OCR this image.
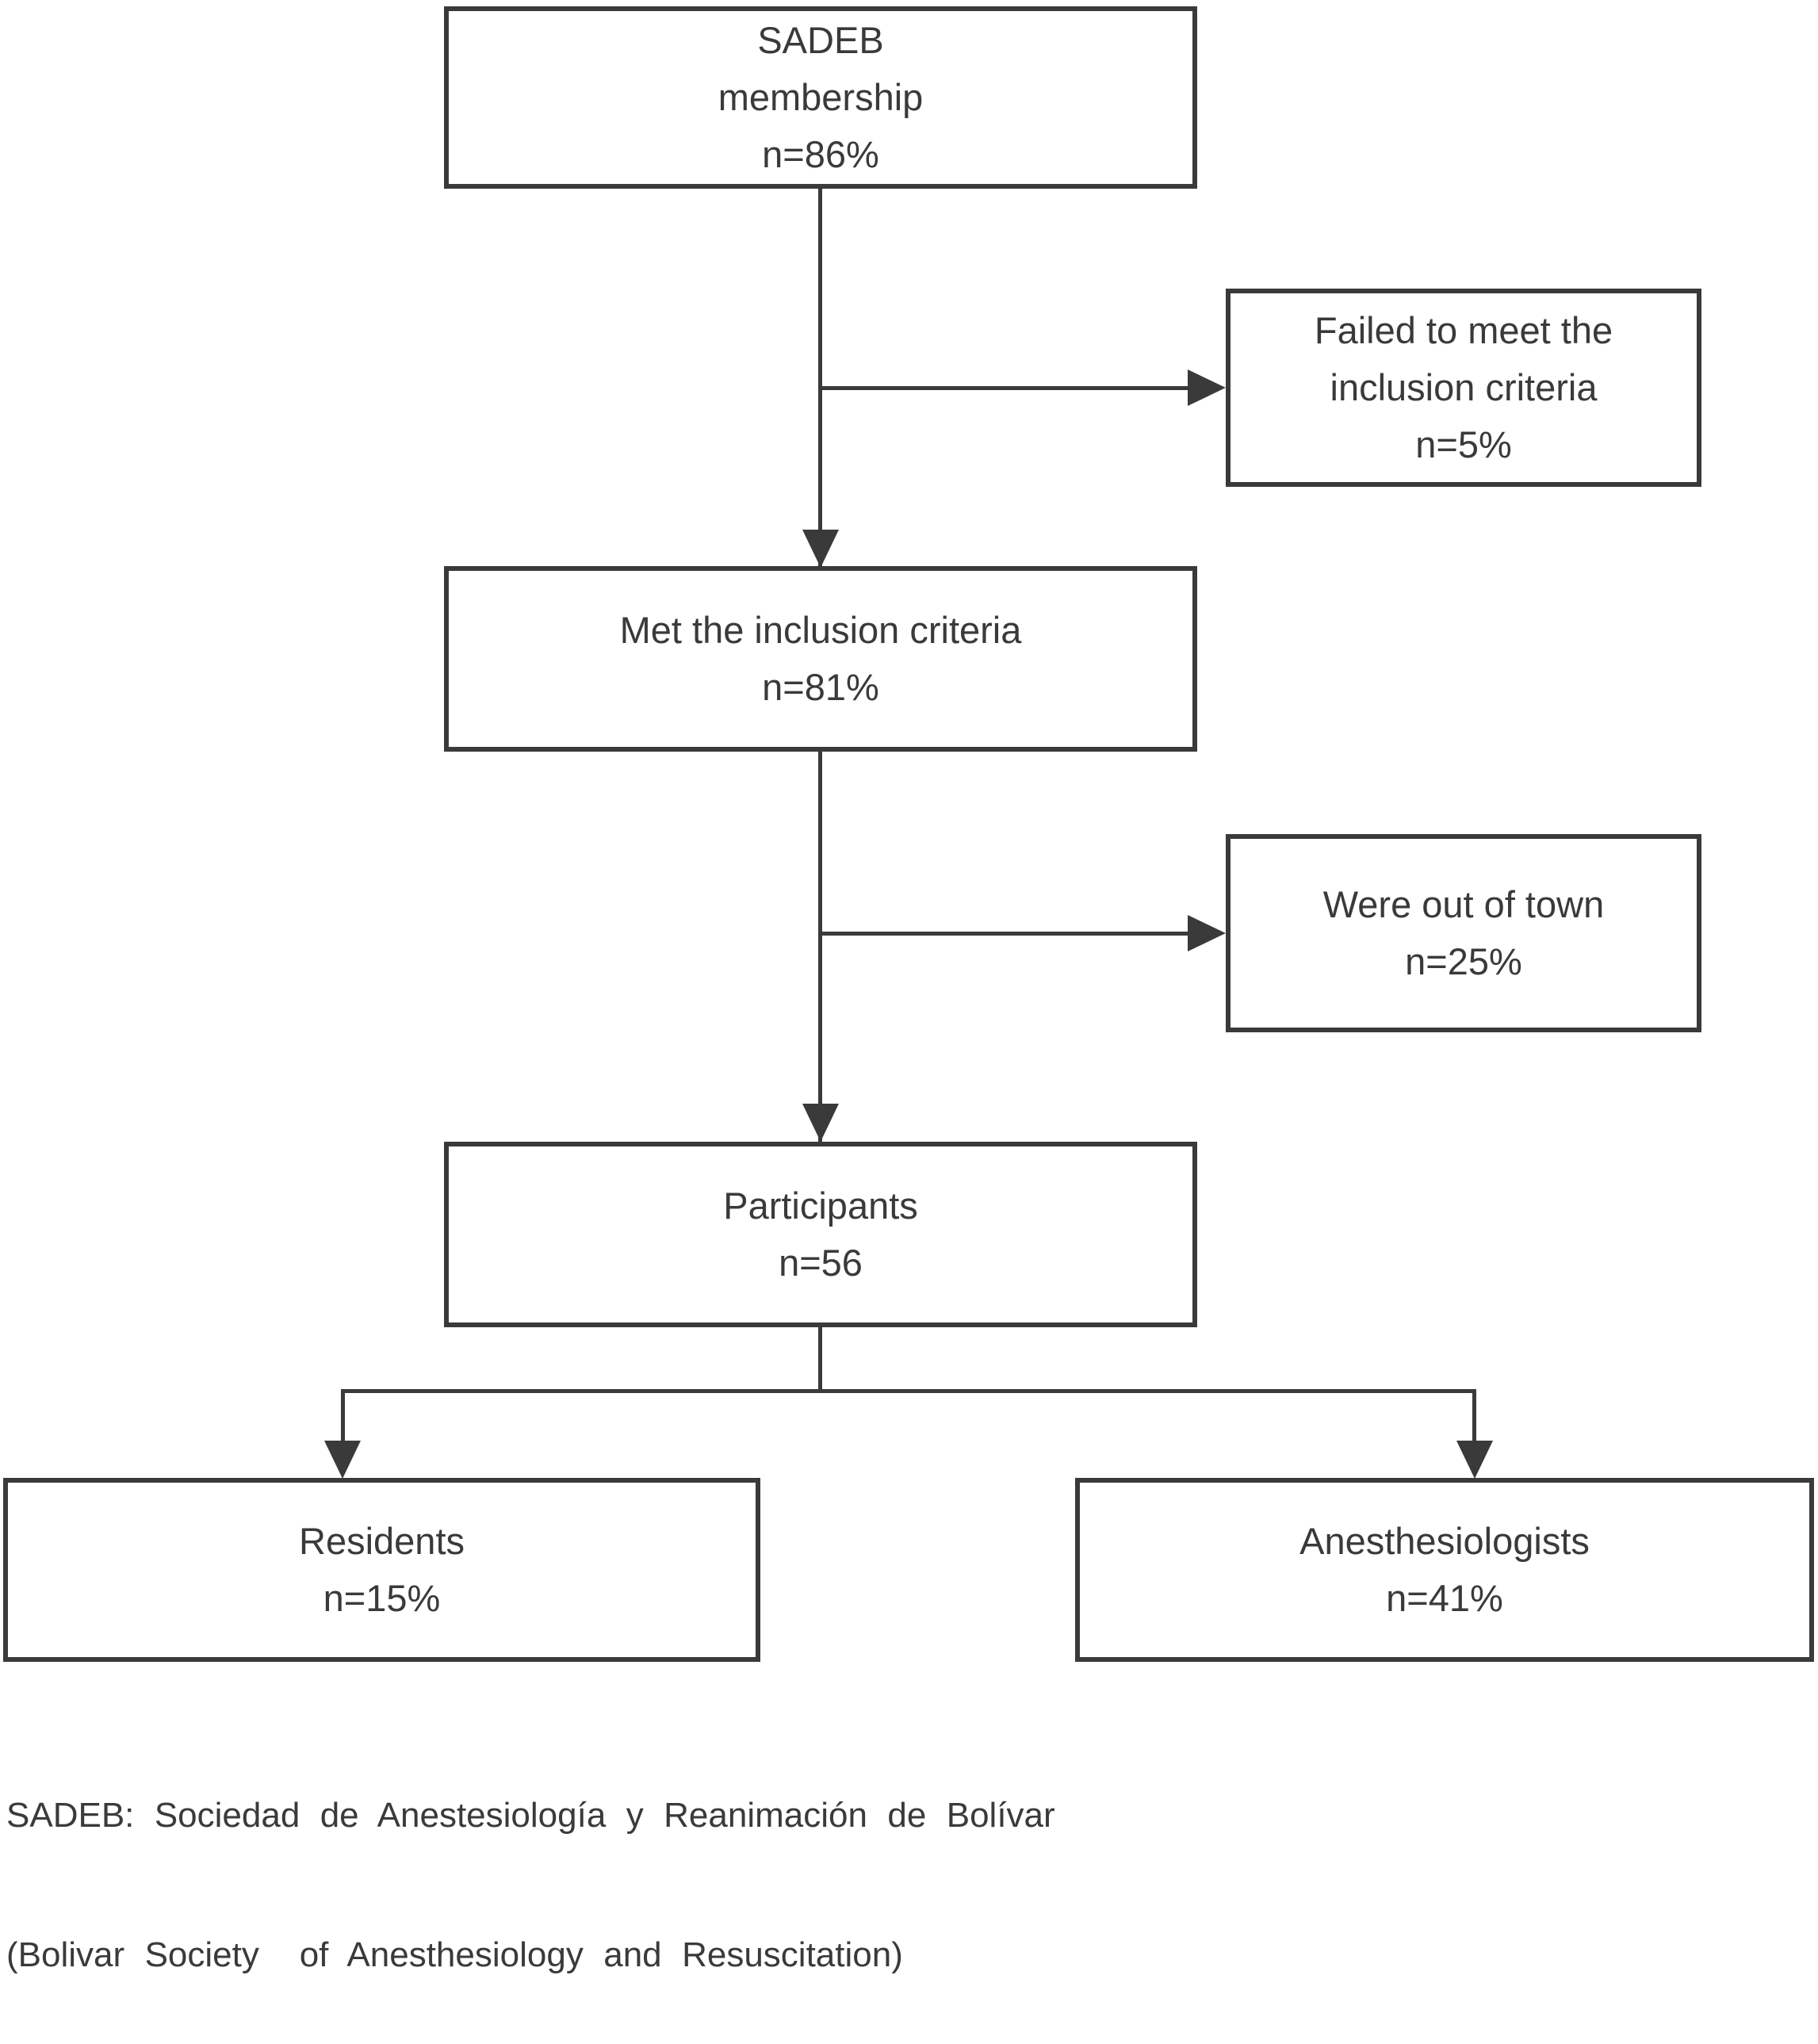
SADEB
membership
n=86%
Failed to meet the
inclusion criteria
n=5%
Met the inclusion criteria
n=81%
Were out of town
n=25%
Participants
n=56
Residents
n=15%
Anesthesiologists
n=41%

SADEB: Sociedad de Anestesiología y Reanimación de Bolívar

(Bolivar Society  of Anesthesiology and Resuscitation)
